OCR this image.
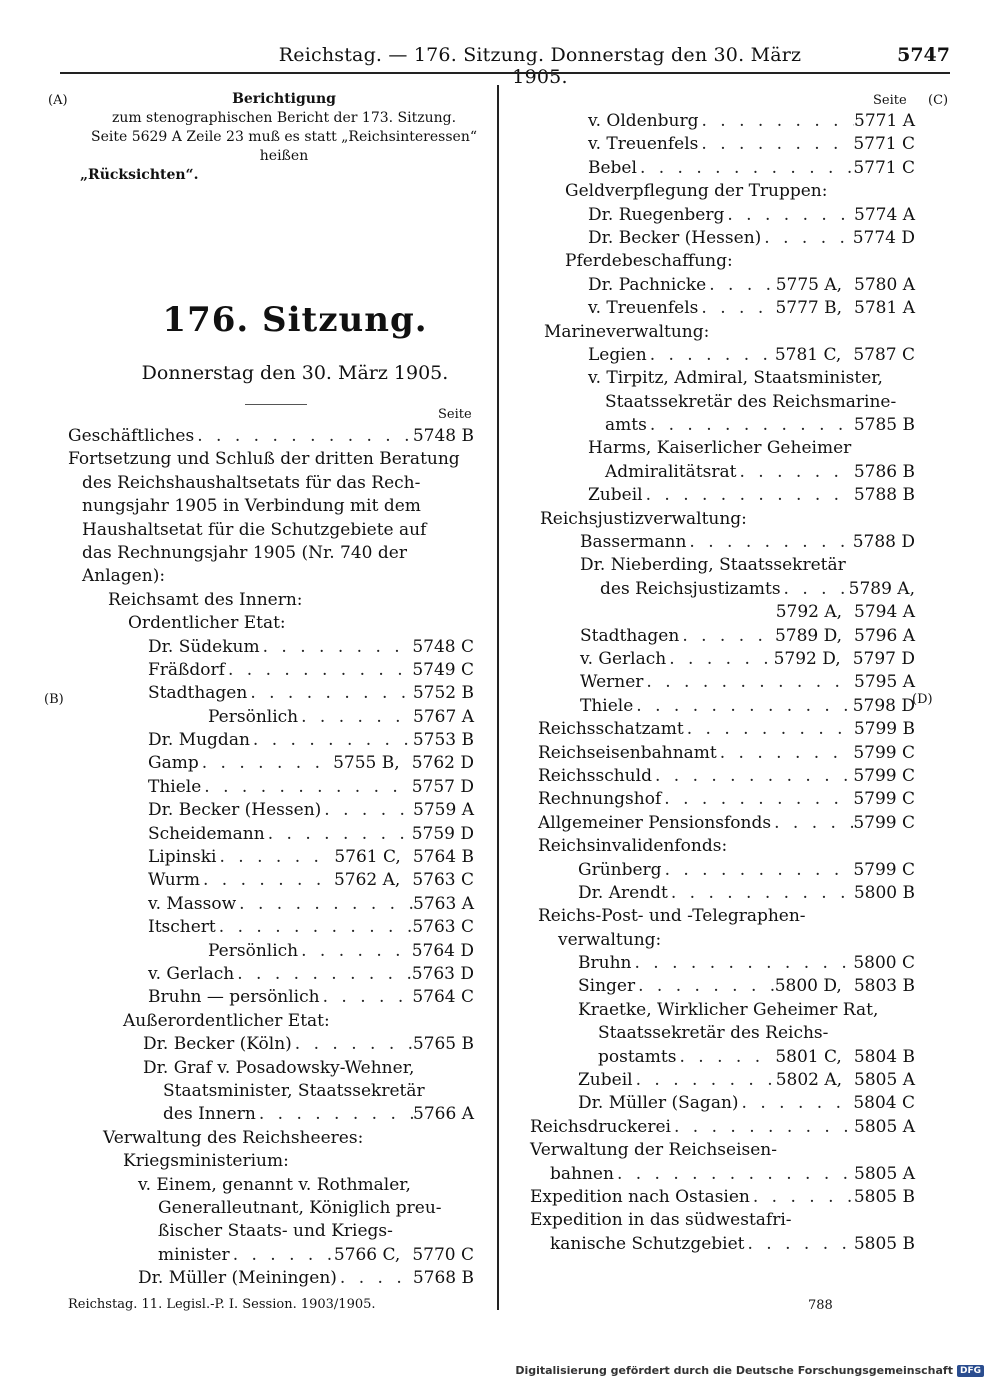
Reichstag. — 176. Sitzung. Donnerstag den 30. März 1905.
5747
(A)	(C)
(B)	(D)
Berichtigung
zum stenographischen Bericht der 173. Sitzung.
Seite 5629 A Zeile 23 muß es statt „Reichsinteressen“ heißen
„Rücksichten“.
176. Sitzung.
Donnerstag den 30. März 1905.
Seite
Seite
Geschäftliches . . .	5748 B
Fortsetzung und Schluß der dritten Beratung
des Reichshaushaltsetats für das Rech-
nungsjahr 1905 in Verbindung mit dem
Haushaltsetat für die Schutzgebiete auf
das Rechnungsjahr 1905 (Nr. 740 der
Anlagen):
Reichsamt des Innern:
Ordentlicher Etat:
Dr. Südekum . . .	5748 C
Fräßdorf . . .	5749 C
Stadthagen . . .	5752 B
Persönlich . . .	5767 A
Dr. Mugdan . . .	5753 B
Gamp . . .	5755 B, 5762 D
Thiele . . .	5757 D
Dr. Becker (Hessen) . . .	5759 A
Scheidemann . . .	5759 D
Lipinski . . .	5761 C, 5764 B
Wurm . . .	5762 A, 5763 C
v. Massow . . .	5763 A
Itschert . . .	5763 C
Persönlich . . .	5764 D
v. Gerlach . . .	5763 D
Bruhn — persönlich . . .	5764 C
Außerordentlicher Etat:
Dr. Becker (Köln) . . .	5765 B
Dr. Graf v. Posadowsky-Wehner,
Staatsminister, Staatssekretär
des Innern . . .	5766 A
Verwaltung des Reichsheeres:
Kriegsministerium:
v. Einem, genannt v. Rothmaler,
Generalleutnant, Königlich preu-
ßischer Staats- und Kriegs-
minister . . .	5766 C, 5770 C
Dr. Müller (Meiningen) . . .	5768 B
v. Oldenburg . . .	5771 A
v. Treuenfels . . .	5771 C
Bebel . . .	5771 C
Geldverpflegung der Truppen:
Dr. Ruegenberg . . .	5774 A
Dr. Becker (Hessen) . . .	5774 D
Pferdebeschaffung:
Dr. Pachnicke . . .	5775 A, 5780 A
v. Treuenfels . . .	5777 B, 5781 A
Marineverwaltung:
Legien . . .	5781 C, 5787 C
v. Tirpitz, Admiral, Staatsminister,
Staatssekretär des Reichsmarine-
amts . . .	5785 B
Harms, Kaiserlicher Geheimer
Admiralitätsrat . . .	5786 B
Zubeil . . .	5788 B
Reichsjustizverwaltung:
Bassermann . . .	5788 D
Dr. Nieberding, Staatssekretär
des Reichsjustizamts . . .	5789 A,
5792 A, 5794 A
Stadthagen . . .	5789 D, 5796 A
v. Gerlach . . .	5792 D, 5797 D
Werner . . .	5795 A
Thiele . . .	5798 D
Reichsschatzamt . . .	5799 B
Reichseisenbahnamt . . .	5799 C
Reichsschuld . . .	5799 C
Rechnungshof . . .	5799 C
Allgemeiner Pensionsfonds . . .	5799 C
Reichsinvalidenfonds:
Grünberg . . .	5799 C
Dr. Arendt . . .	5800 B
Reichs-Post- und -Telegraphen-
verwaltung:
Bruhn . . .	5800 C
Singer . . .	5800 D, 5803 B
Kraetke, Wirklicher Geheimer Rat,
Staatssekretär des Reichs-
postamts . . .	5801 C, 5804 B
Zubeil . . .	5802 A, 5805 A
Dr. Müller (Sagan) . . .	5804 C
Reichsdruckerei . . .	5805 A
Verwaltung der Reichseisen-
bahnen . . .	5805 A
Expedition nach Ostasien . . .	5805 B
Expedition in das südwestafri-
kanische Schutzgebiet . . .	5805 B
Reichstag. 11. Legisl.-P. I. Session. 1903/1905.	788
Digitalisierung gefördert durch die Deutsche Forschungsgemeinschaft DFG
